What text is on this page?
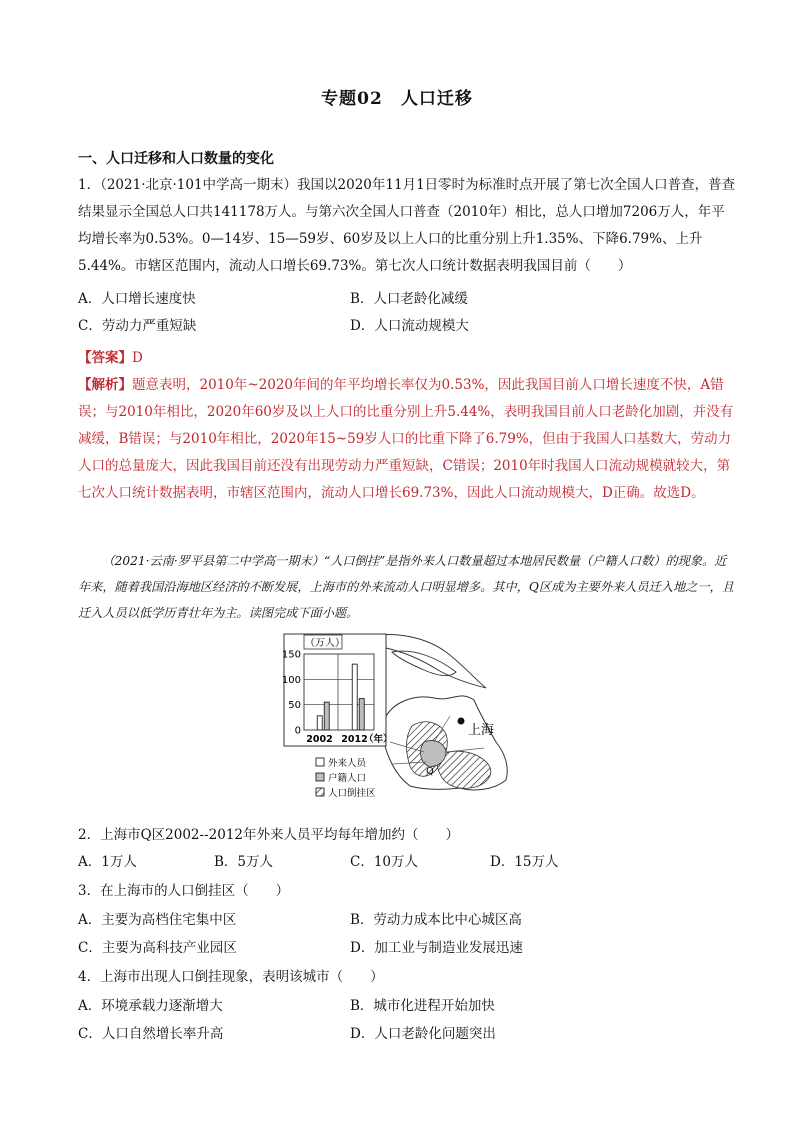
专题02　人口迁移
一、人口迁移和人口数量的变化
1．（2021·北京·101中学高一期末）我国以2020年11月1日零时为标准时点开展了第七次全国人口普查，普查结果显示全国总人口共141178万人。与第六次全国人口普查（2010年）相比，总人口增加7206万人，年平均增长率为0.53%。0—14岁、15—59岁、60岁及以上人口的比重分别上升1.35%、下降6.79%、上升5.44%。市辖区范围内，流动人口增长69.73%。第七次人口统计数据表明我国目前（　　）
A．人口增长速度快	B．人口老龄化减缓
C．劳动力严重短缺	D．人口流动规模大
【答案】D
【解析】题意表明，2010年~2020年间的年平均增长率仅为0.53%，因此我国目前人口增长速度不快，A错误；与2010年相比，2020年60岁及以上人口的比重分别上升5.44%，表明我国目前人口老龄化加剧，并没有减缓，B错误；与2010年相比，2020年15~59岁人口的比重下降了6.79%，但由于我国人口基数大，劳动力人口的总量庞大，因此我国目前还没有出现劳动力严重短缺，C错误；2010年时我国人口流动规模就较大，第七次人口统计数据表明，市辖区范围内，流动人口增长69.73%，因此人口流动规模大，D正确。故选D。
（2021·云南·罗平县第二中学高一期末）“人口倒挂”是指外来人口数量超过本地居民数量（户籍人口数）的现象。近年来，随着我国沿海地区经济的不断发展，上海市的外来流动人口明显增多。其中，Q区成为主要外来人员迁入地之一，且迁入人员以低学历青壮年为主。读图完成下面小题。
上海
Q
（万人）
0
50
100
150
2002 2012
（年）
外来人员
户籍人口
人口倒挂区
2．上海市Q区2002--2012年外来人员平均每年增加约（　　）
A．1万人	B．5万人	C．10万人	D．15万人
3．在上海市的人口倒挂区（　　）
A．主要为高档住宅集中区	B．劳动力成本比中心城区高
C．主要为高科技产业园区	D．加工业与制造业发展迅速
4．上海市出现人口倒挂现象，表明该城市（　　）
A．环境承载力逐渐增大	B．城市化进程开始加快
C．人口自然增长率升高	D．人口老龄化问题突出
